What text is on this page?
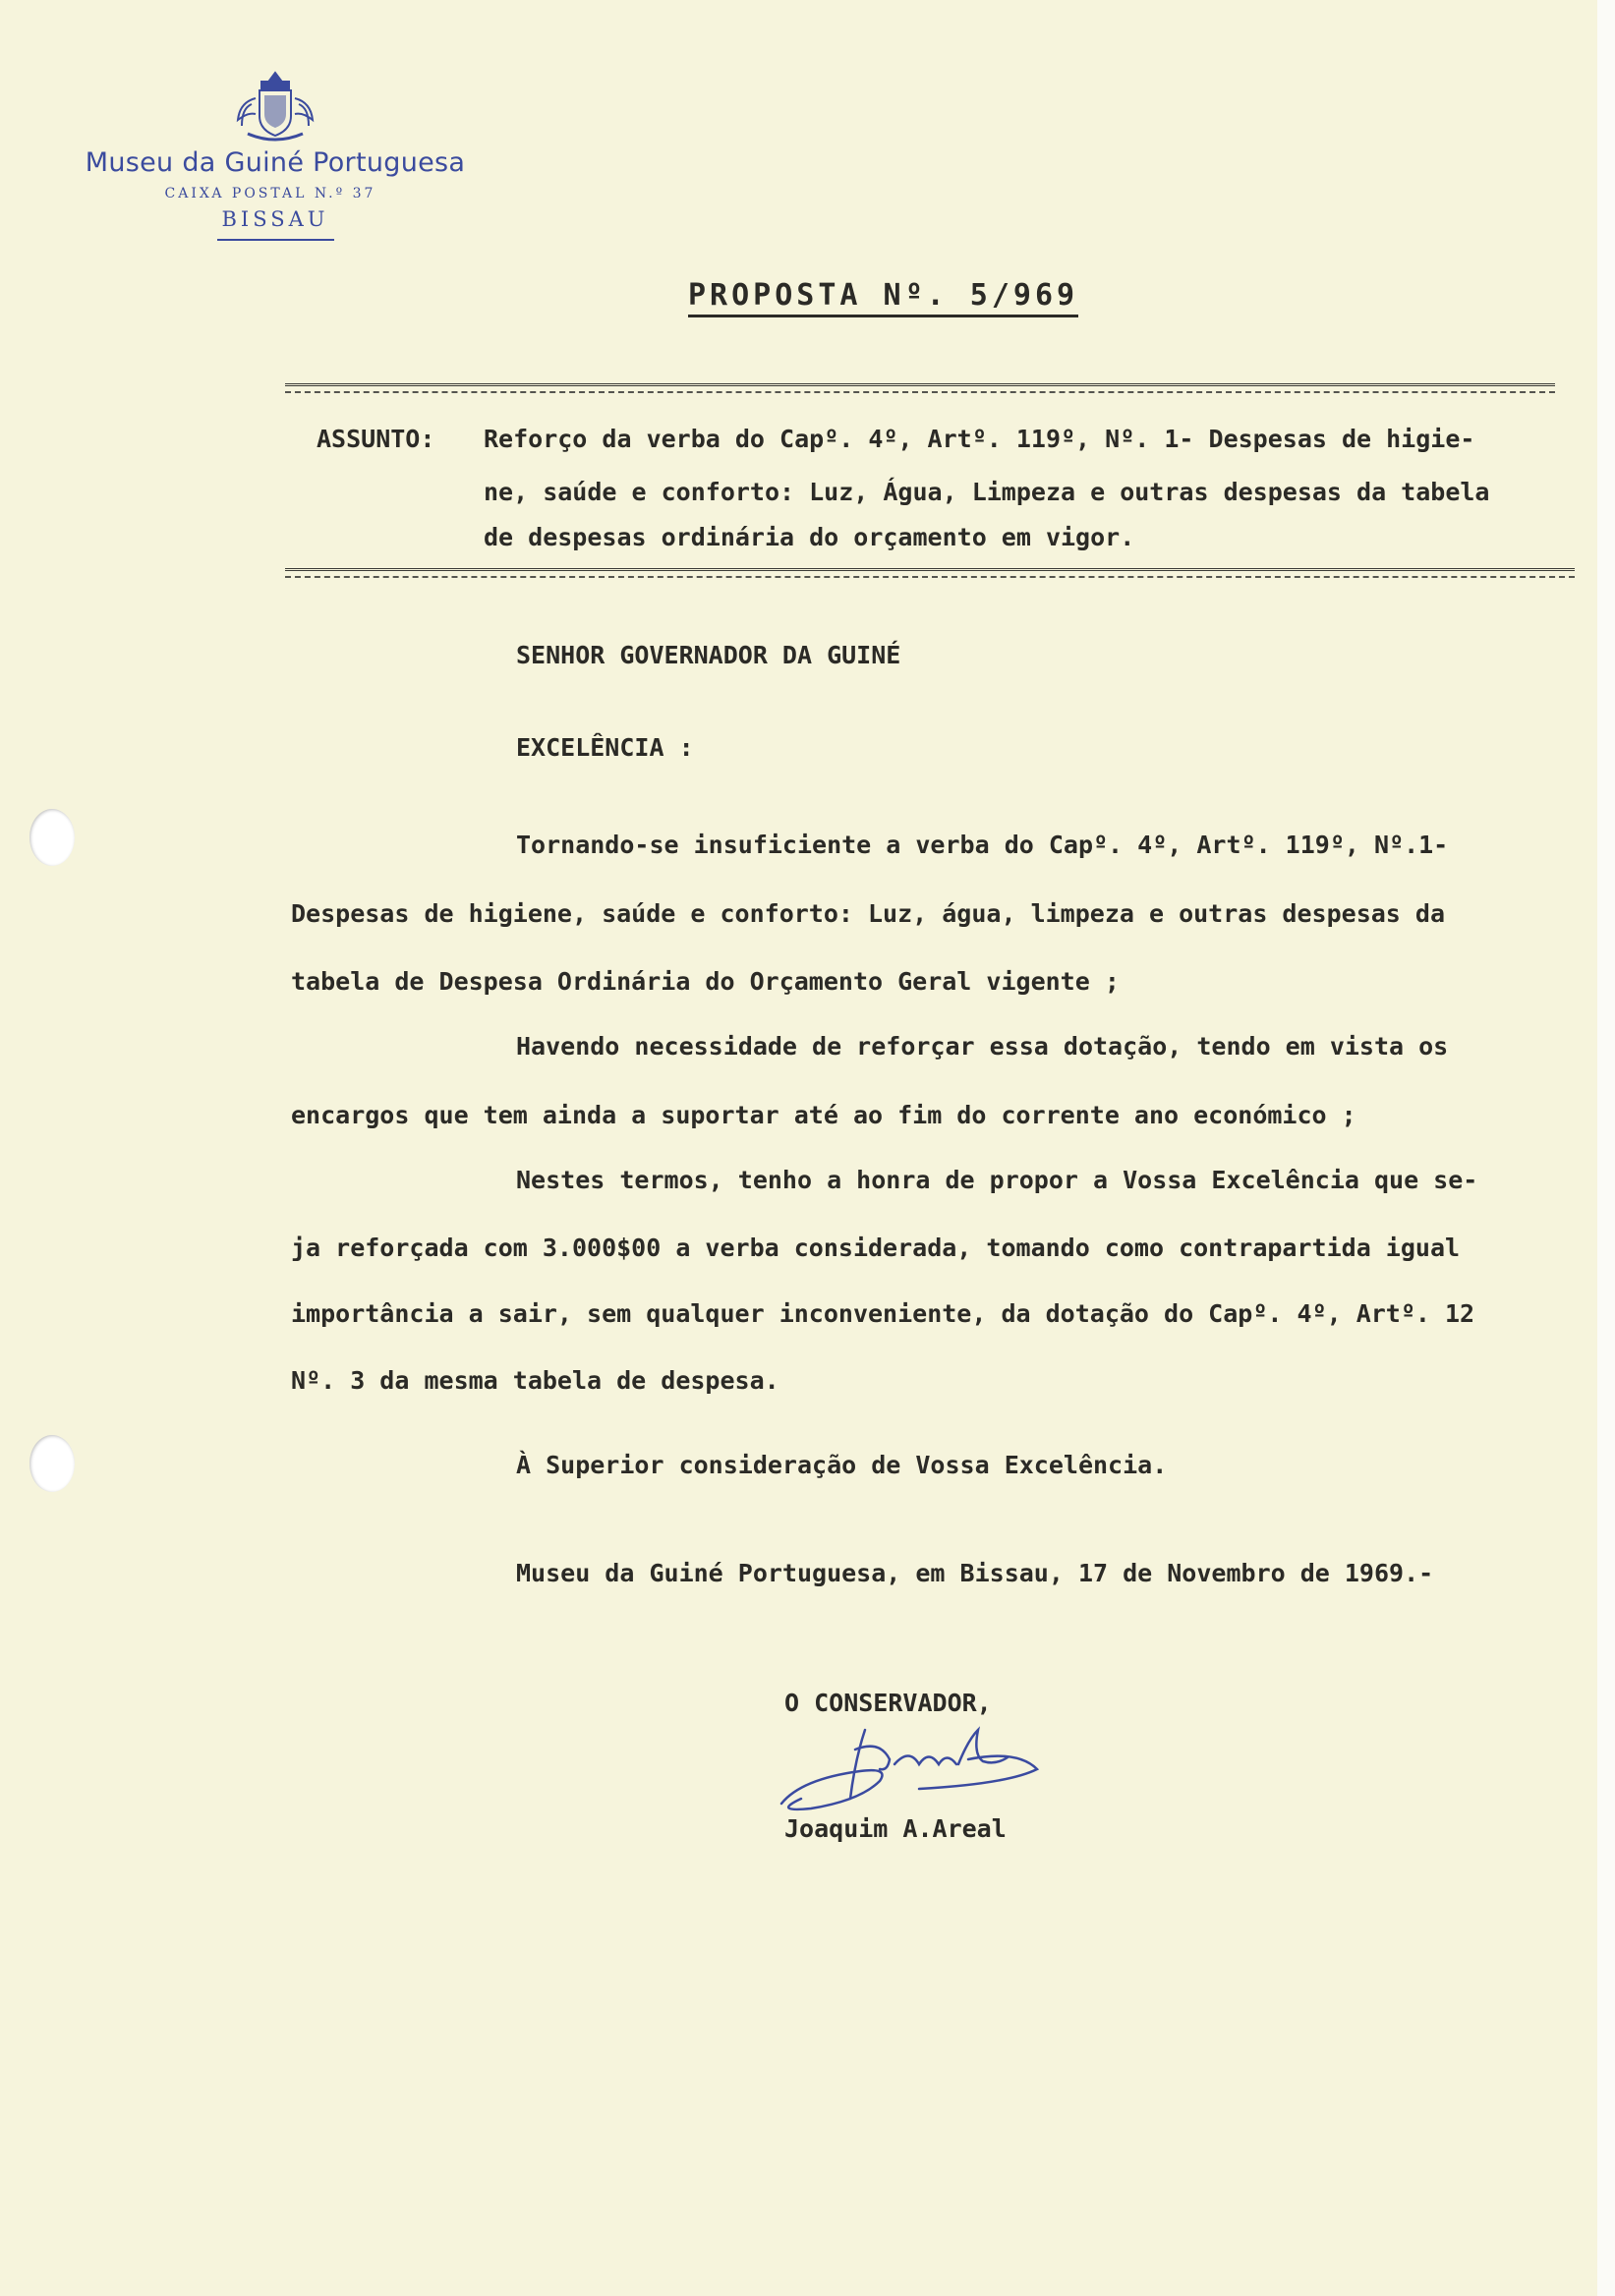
Museu da Guiné Portuguesa
CAIXA POSTAL N.º 37
BISSAU
PROPOSTA Nº. 5/969
ASSUNTO: Reforço da verba do Capº. 4º, Artº. 119º, Nº. 1- Despesas de higie-
ne, saúde e conforto: Luz, Água, Limpeza e outras despesas da tabela
de despesas ordinária do orçamento em vigor.
SENHOR GOVERNADOR DA GUINÉ
EXCELÊNCIA :
Tornando-se insuficiente a verba do Capº. 4º, Artº. 119º, Nº.1-
Despesas de higiene, saúde e conforto: Luz, água, limpeza e outras despesas da
tabela de Despesa Ordinária do Orçamento Geral vigente ;
Havendo necessidade de reforçar essa dotação, tendo em vista os
encargos que tem ainda a suportar até ao fim do corrente ano económico ;
Nestes termos, tenho a honra de propor a Vossa Excelência que se-
ja reforçada com 3.000$00 a verba considerada, tomando como contrapartida igual
importância a sair, sem qualquer inconveniente, da dotação do Capº. 4º, Artº. 12
Nº. 3 da mesma tabela de despesa.
À Superior consideração de Vossa Excelência.
Museu da Guiné Portuguesa, em Bissau, 17 de Novembro de 1969.-
O CONSERVADOR,
Joaquim A.Areal
